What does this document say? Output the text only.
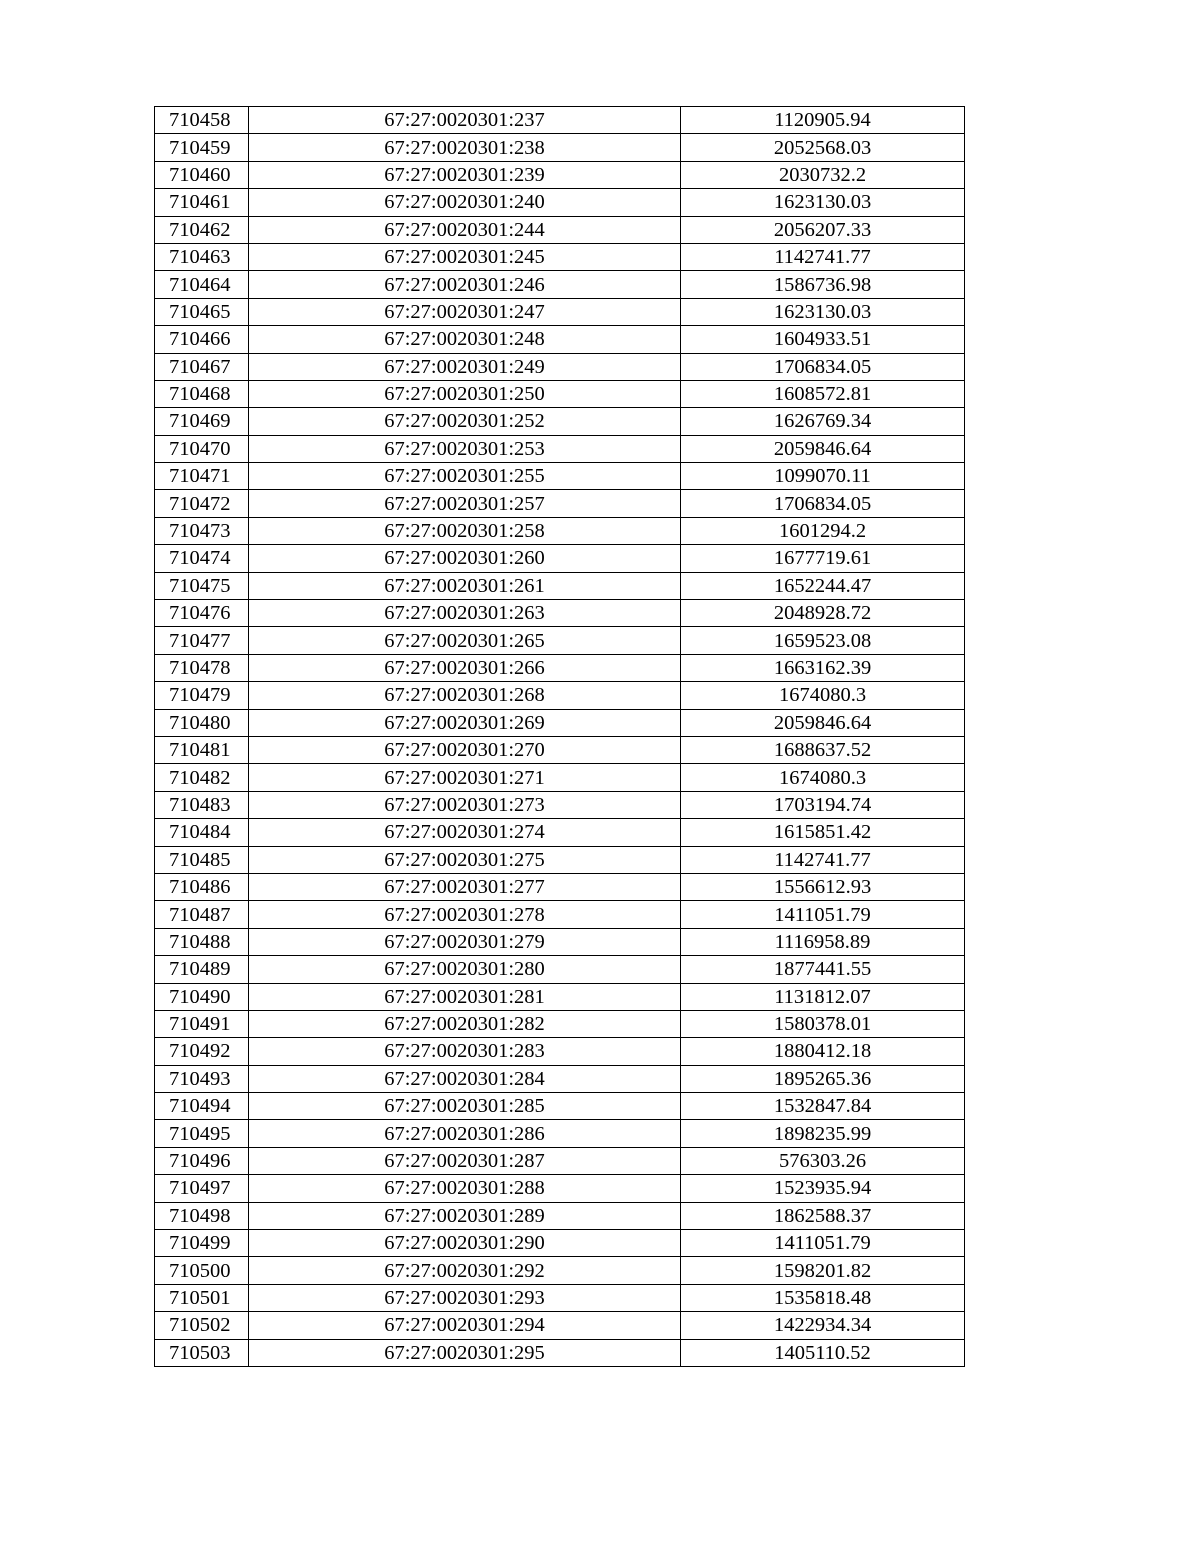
710458	67:27:0020301:237	1120905.94
710459	67:27:0020301:238	2052568.03
710460	67:27:0020301:239	2030732.2
710461	67:27:0020301:240	1623130.03
710462	67:27:0020301:244	2056207.33
710463	67:27:0020301:245	1142741.77
710464	67:27:0020301:246	1586736.98
710465	67:27:0020301:247	1623130.03
710466	67:27:0020301:248	1604933.51
710467	67:27:0020301:249	1706834.05
710468	67:27:0020301:250	1608572.81
710469	67:27:0020301:252	1626769.34
710470	67:27:0020301:253	2059846.64
710471	67:27:0020301:255	1099070.11
710472	67:27:0020301:257	1706834.05
710473	67:27:0020301:258	1601294.2
710474	67:27:0020301:260	1677719.61
710475	67:27:0020301:261	1652244.47
710476	67:27:0020301:263	2048928.72
710477	67:27:0020301:265	1659523.08
710478	67:27:0020301:266	1663162.39
710479	67:27:0020301:268	1674080.3
710480	67:27:0020301:269	2059846.64
710481	67:27:0020301:270	1688637.52
710482	67:27:0020301:271	1674080.3
710483	67:27:0020301:273	1703194.74
710484	67:27:0020301:274	1615851.42
710485	67:27:0020301:275	1142741.77
710486	67:27:0020301:277	1556612.93
710487	67:27:0020301:278	1411051.79
710488	67:27:0020301:279	1116958.89
710489	67:27:0020301:280	1877441.55
710490	67:27:0020301:281	1131812.07
710491	67:27:0020301:282	1580378.01
710492	67:27:0020301:283	1880412.18
710493	67:27:0020301:284	1895265.36
710494	67:27:0020301:285	1532847.84
710495	67:27:0020301:286	1898235.99
710496	67:27:0020301:287	576303.26
710497	67:27:0020301:288	1523935.94
710498	67:27:0020301:289	1862588.37
710499	67:27:0020301:290	1411051.79
710500	67:27:0020301:292	1598201.82
710501	67:27:0020301:293	1535818.48
710502	67:27:0020301:294	1422934.34
710503	67:27:0020301:295	1405110.52
